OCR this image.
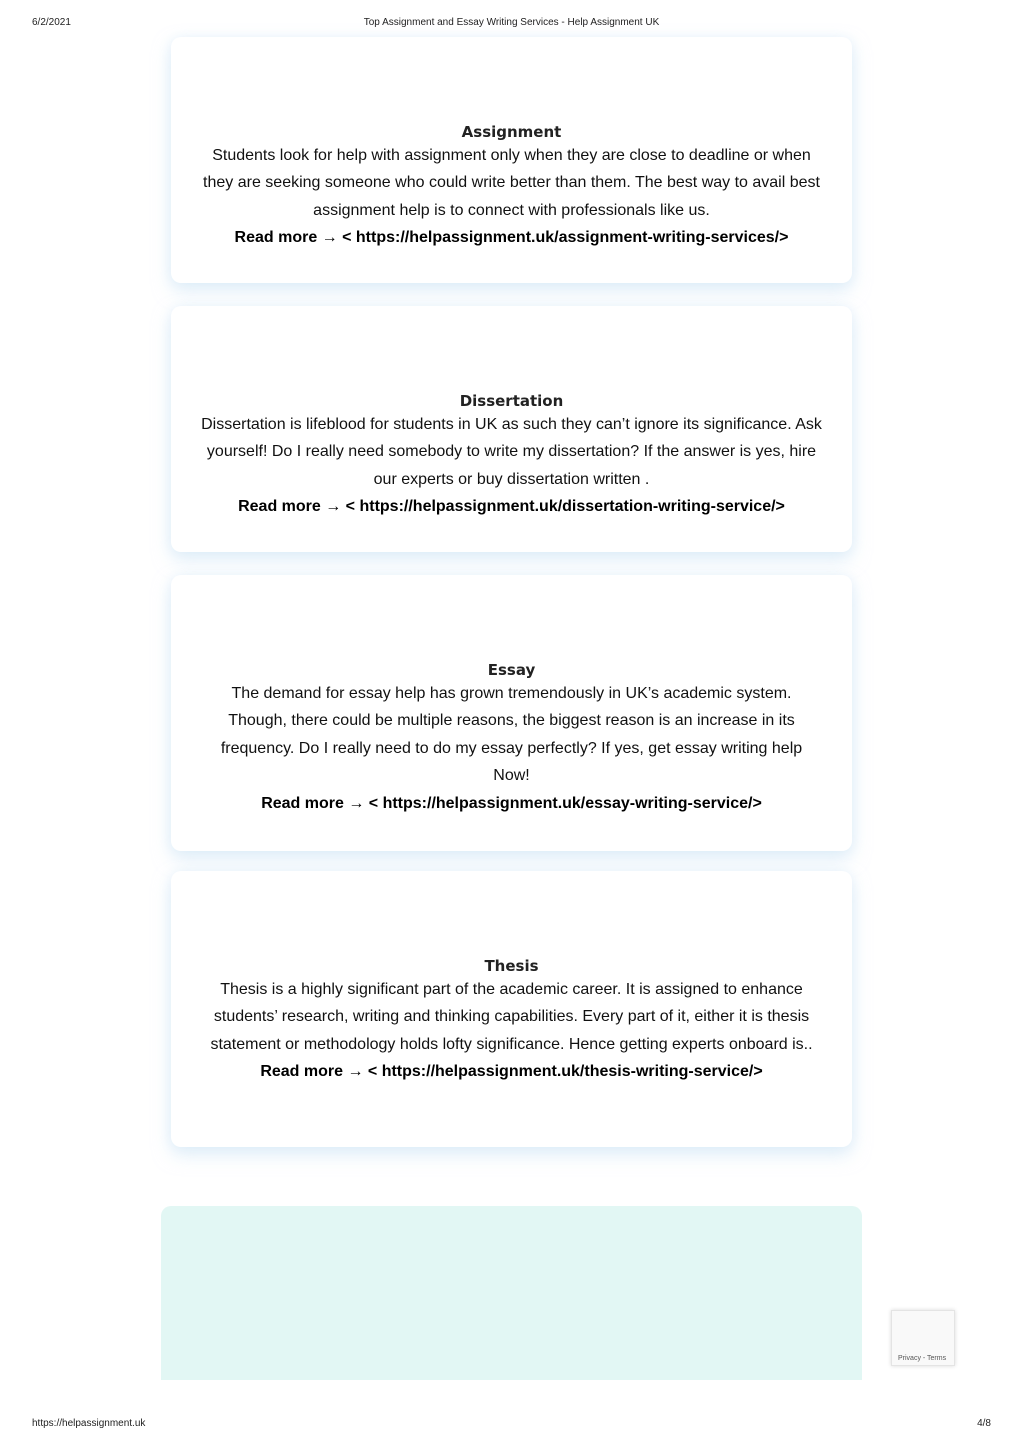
6/2/2021	Top Assignment and Essay Writing Services - Help Assignment UK
Assignment

Students look for help with assignment only when they are close to deadline or when they are seeking someone who could write better than them. The best way to avail best assignment help is to connect with professionals like us.

Read more → < https://helpassignment.uk/assignment-writing-services/>
Dissertation

Dissertation is lifeblood for students in UK as such they can’t ignore its significance. Ask yourself! Do I really need somebody to write my dissertation? If the answer is yes, hire our experts or buy dissertation written .

Read more → < https://helpassignment.uk/dissertation-writing-service/>
Essay

The demand for essay help has grown tremendously in UK’s academic system. Though, there could be multiple reasons, the biggest reason is an increase in its frequency. Do I really need to do my essay perfectly? If yes, get essay writing help Now!

Read more → < https://helpassignment.uk/essay-writing-service/>
Thesis

Thesis is a highly significant part of the academic career. It is assigned to enhance students’ research, writing and thinking capabilities. Every part of it, either it is thesis statement or methodology holds lofty significance. Hence getting experts onboard is..

Read more → < https://helpassignment.uk/thesis-writing-service/>
Privacy - Terms
https://helpassignment.uk	4/8
